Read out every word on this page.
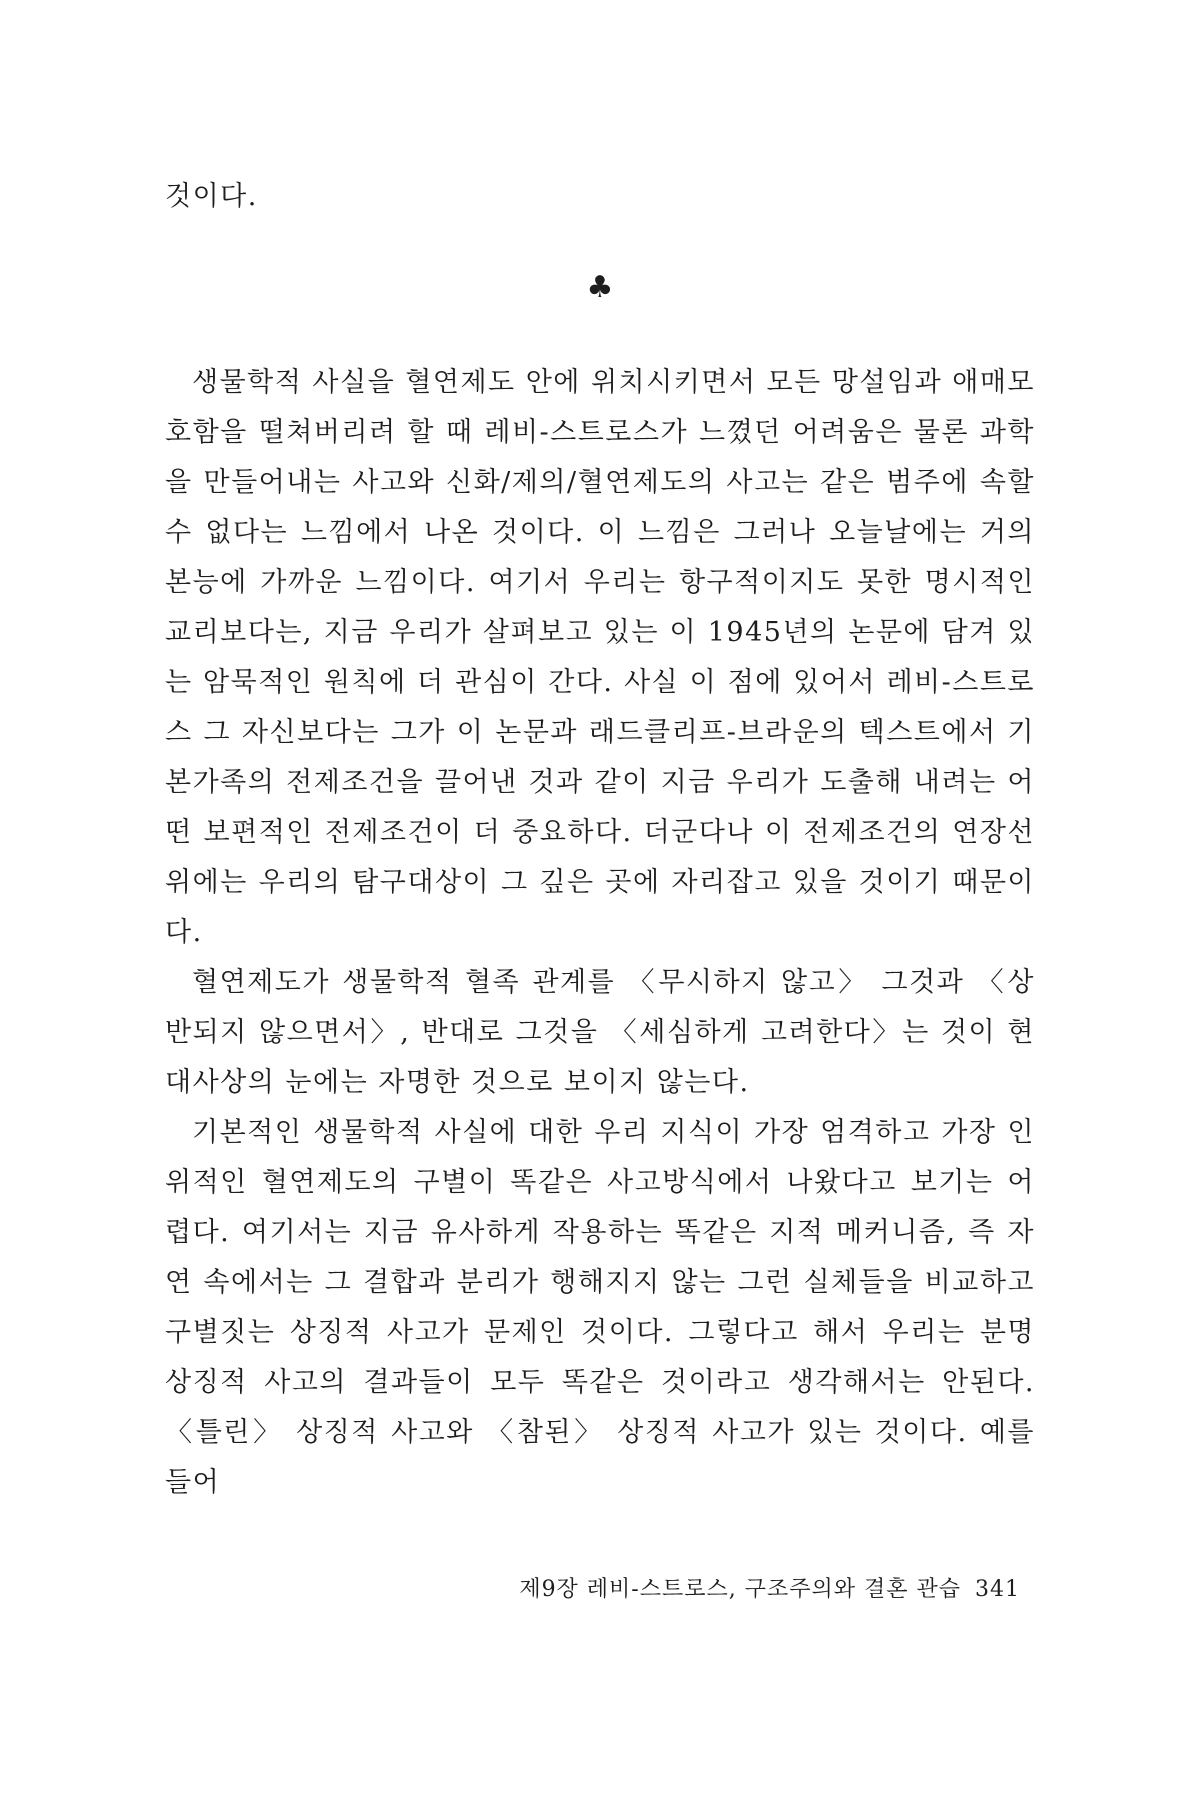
것이다.
♣

생물학적 사실을 혈연제도 안에 위치시키면서 모든 망설임과 애매모호함을 떨쳐버리려 할 때 레비-스트로스가 느꼈던 어려움은 물론 과학을 만들어내는 사고와 신화/제의/혈연제도의 사고는 같은 범주에 속할 수 없다는 느낌에서 나온 것이다. 이 느낌은 그러나 오늘날에는 거의 본능에 가까운 느낌이다. 여기서 우리는 항구적이지도 못한 명시적인 교리보다는, 지금 우리가 살펴보고 있는 이 1945년의 논문에 담겨 있는 암묵적인 원칙에 더 관심이 간다. 사실 이 점에 있어서 레비-스트로스 그 자신보다는 그가 이 논문과 래드클리프-브라운의 텍스트에서 기본가족의 전제조건을 끌어낸 것과 같이 지금 우리가 도출해 내려는 어떤 보편적인 전제조건이 더 중요하다. 더군다나 이 전제조건의 연장선 위에는 우리의 탐구대상이 그 깊은 곳에 자리잡고 있을 것이기 때문이다.

혈연제도가 생물학적 혈족 관계를 〈무시하지 않고〉 그것과 〈상반되지 않으면서〉, 반대로 그것을 〈세심하게 고려한다〉는 것이 현대사상의 눈에는 자명한 것으로 보이지 않는다.

기본적인 생물학적 사실에 대한 우리 지식이 가장 엄격하고 가장 인위적인 혈연제도의 구별이 똑같은 사고방식에서 나왔다고 보기는 어렵다. 여기서는 지금 유사하게 작용하는 똑같은 지적 메커니즘, 즉 자연 속에서는 그 결합과 분리가 행해지지 않는 그런 실체들을 비교하고 구별짓는 상징적 사고가 문제인 것이다. 그렇다고 해서 우리는 분명 상징적 사고의 결과들이 모두 똑같은 것이라고 생각해서는 안된다. 〈틀린〉 상징적 사고와 〈참된〉 상징적 사고가 있는 것이다. 예를 들어

제9장 레비-스트로스, 구조주의와 결혼 관습 341
